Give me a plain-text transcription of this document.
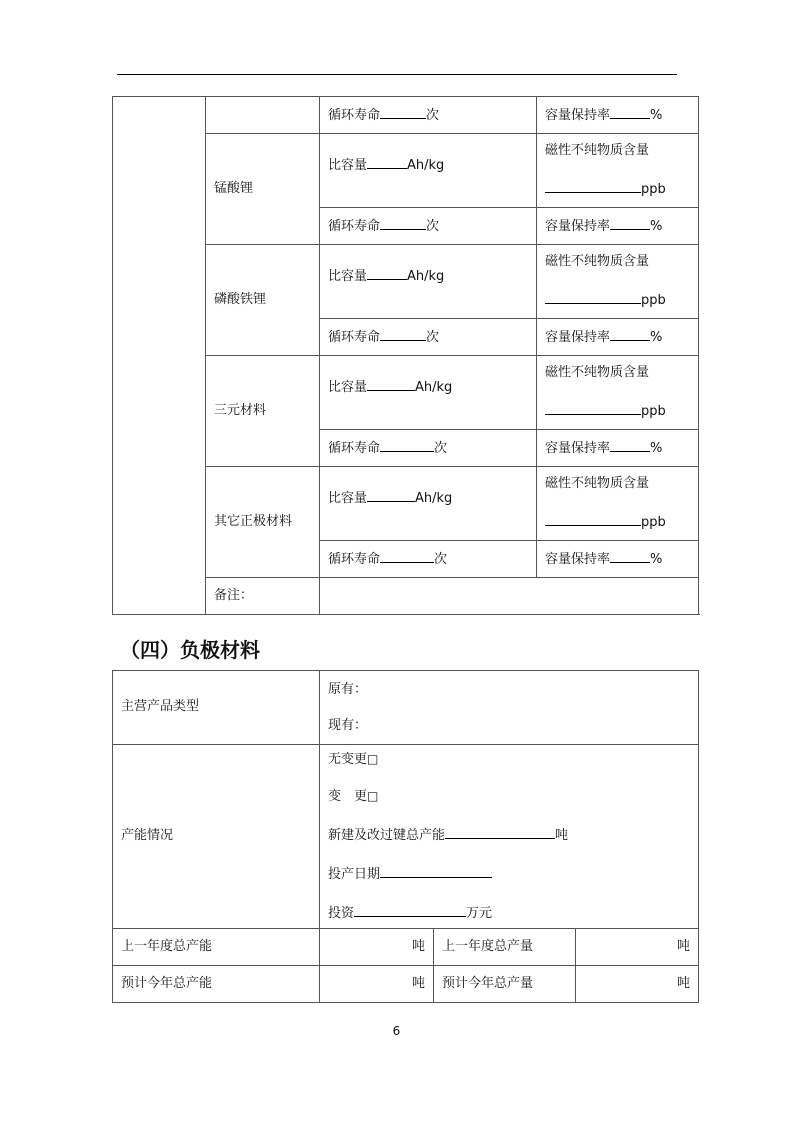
		循环寿命 次	容量保持率 %
	锰酸锂	比容量 Ah/kg	磁性不纯物质含量
ppb

		循环寿命 次	容量保持率 %
	磷酸铁锂	比容量 Ah/kg	磁性不纯物质含量
ppb

		循环寿命 次	容量保持率 %
	三元材料	比容量 Ah/kg	磁性不纯物质含量
ppb

		循环寿命 次	容量保持率 %
	其它正极材料	比容量 Ah/kg	磁性不纯物质含量
ppb

		循环寿命 次	容量保持率 %
	备注：		
（四）负极材料
主营产品类型	原有：
现有：		

产能情况	无变更□
变　更□
新建及改过键总产能 吨
投产日期
投资 万元		

上一年度总产能	吨	上一年度总产量	吨
预计今年总产能	吨	预计今年总产量	吨
6
